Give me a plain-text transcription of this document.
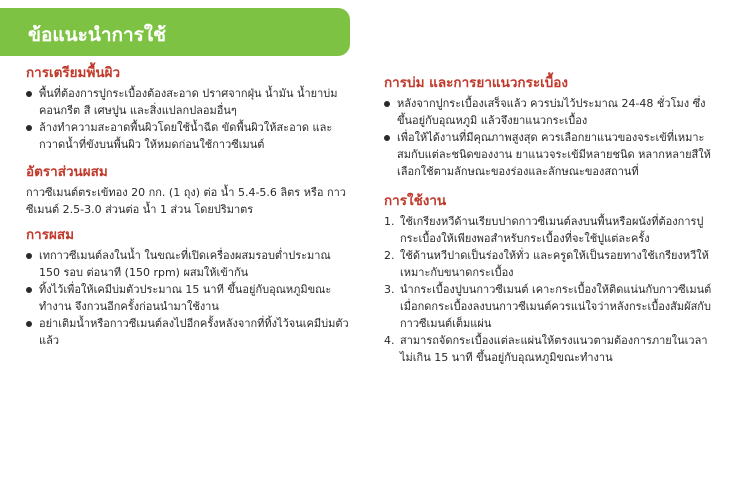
ข้อแนะนำการใช้
การเตรียมพื้นผิว
พื้นที่ต้องการปูกระเบื้องต้องสะอาด ปราศจากฝุ่น น้ำมัน น้ำยาบ่มคอนกรีต สี เศษปูน และสิ่งแปลกปลอมอื่นๆ
ล้างทำความสะอาดพื้นผิวโดยใช้น้ำฉีด ขัดพื้นผิวให้สะอาด และกวาดน้ำที่ขังบนพื้นผิว ให้หมดก่อนใช้กาวซีเมนต์
อัตราส่วนผสม

กาวซีเมนต์ตระเข้ทอง 20 กก. (1 ถุง) ต่อ น้ำ 5.4-5.6 ลิตร หรือ กาวซีเมนต์ 2.5-3.0 ส่วนต่อ น้ำ 1 ส่วน โดยปริมาตร

การผสม
เทกาวซีเมนต์ลงในน้ำ ในขณะที่เปิดเครื่องผสมรอบต่ำประมาณ 150 รอบ ต่อนาที (150 rpm) ผสมให้เข้ากัน
ทิ้งไว้เพื่อให้เคมีบ่มตัวประมาณ 15 นาที ขึ้นอยู่กับอุณหภูมิขณะทำงาน จึงกวนอีกครั้งก่อนนำมาใช้งาน
อย่าเติมน้ำหรือกาวซีเมนต์ลงไปอีกครั้งหลังจากที่ทิ้งไว้จนเคมีบ่มตัวแล้ว
การบ่ม และการยาแนวกระเบื้อง
หลังจากปูกระเบื้องเสร็จแล้ว ควรบ่มไว้ประมาณ 24-48 ชั่วโมง ซึ่งขึ้นอยู่กับอุณหภูมิ แล้วจึงยาแนวกระเบื้อง
เพื่อให้ได้งานที่มีคุณภาพสูงสุด ควรเลือกยาแนวของจระเข้ที่เหมาะสมกับแต่ละชนิดของงาน ยาแนวจระเข้มีหลายชนิด หลากหลายสีให้เลือกใช้ตามลักษณะของร่องและลักษณะของสถานที่
การใช้งาน
1. ใช้เกรียงหวีด้านเรียบปาดกาวซีเมนต์ลงบนพื้นหรือผนังที่ต้องการปูกระเบื้องให้เพียงพอสำหรับกระเบื้องที่จะใช้ปูแต่ละครั้ง
2. ใช้ด้านหวีปาดเป็นร่องให้ทั่ว และครูดให้เป็นรอยทางใช้เกรียงหวีให้เหมาะกับขนาดกระเบื้อง
3. นำกระเบื้องปูบนกาวซีเมนต์ เคาะกระเบื้องให้ติดแน่นกับกาวซีเมนต์ เมื่อกดกระเบื้องลงบนกาวซีเมนต์ควรแน่ใจว่าหลังกระเบื้องสัมผัสกับกาวซีเมนต์เต็มแผ่น
4. สามารถจัดกระเบื้องแต่ละแผ่นให้ตรงแนวตามต้องการภายในเวลาไม่เกิน 15 นาที ขึ้นอยู่กับอุณหภูมิขณะทำงาน
